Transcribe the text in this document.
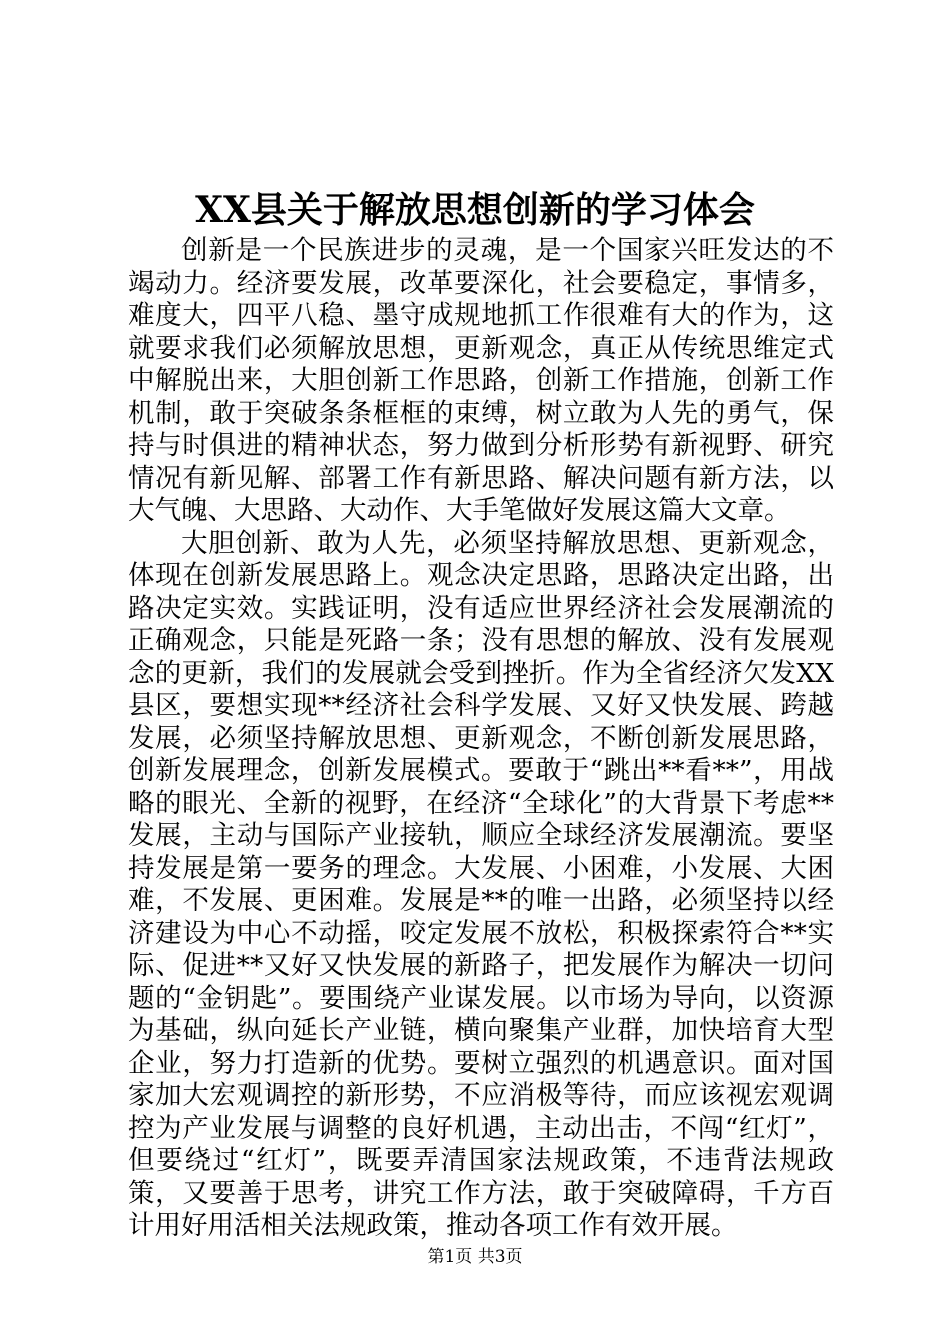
XX县关于解放思想创新的学习体会

创新是一个民族进步的灵魂，是一个国家兴旺发达的不竭动力。经济要发展，改革要深化，社会要稳定，事情多，难度大，四平八稳、墨守成规地抓工作很难有大的作为，这就要求我们必须解放思想，更新观念，真正从传统思维定式中解脱出来，大胆创新工作思路，创新工作措施，创新工作机制，敢于突破条条框框的束缚，树立敢为人先的勇气，保持与时俱进的精神状态，努力做到分析形势有新视野、研究情况有新见解、部署工作有新思路、解决问题有新方法，以大气魄、大思路、大动作、大手笔做好发展这篇大文章。

大胆创新、敢为人先，必须坚持解放思想、更新观念，体现在创新发展思路上。观念决定思路，思路决定出路，出路决定实效。实践证明，没有适应世界经济社会发展潮流的正确观念，只能是死路一条；没有思想的解放、没有发展观念的更新，我们的发展就会受到挫折。作为全省经济欠发XX县区，要想实现**经济社会科学发展、又好又快发展、跨越发展，必须坚持解放思想、更新观念，不断创新发展思路，创新发展理念，创新发展模式。要敢于“跳出**看**”，用战略的眼光、全新的视野，在经济“全球化”的大背景下考虑**发展，主动与国际产业接轨，顺应全球经济发展潮流。要坚持发展是第一要务的理念。大发展、小困难，小发展、大困难，不发展、更困难。发展是**的唯一出路，必须坚持以经济建设为中心不动摇，咬定发展不放松，积极探索符合**实际、促进**又好又快发展的新路子，把发展作为解决一切问题的“金钥匙”。要围绕产业谋发展。以市场为导向，以资源为基础，纵向延长产业链，横向聚集产业群，加快培育大型企业，努力打造新的优势。要树立强烈的机遇意识。面对国家加大宏观调控的新形势，不应消极等待，而应该视宏观调控为产业发展与调整的良好机遇，主动出击，不闯“红灯”，但要绕过“红灯”，既要弄清国家法规政策，不违背法规政策，又要善于思考，讲究工作方法，敢于突破障碍，千方百计用好用活相关法规政策，推动各项工作有效开展。

第1页 共3页
